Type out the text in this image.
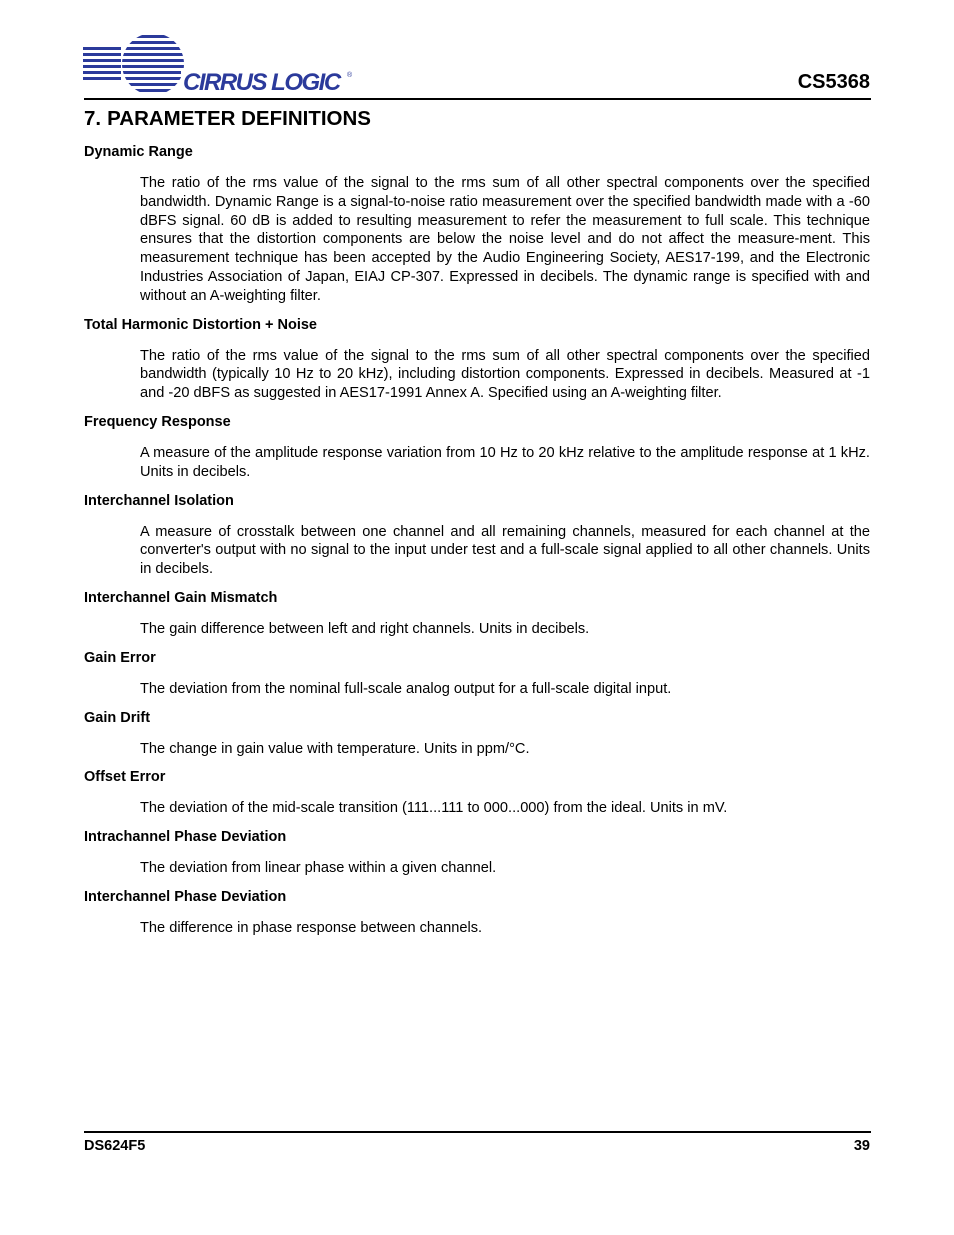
CIRRUS LOGIC	®	CS5368
7. PARAMETER DEFINITIONS

Dynamic Range

The ratio of the rms value of the signal to the rms sum of all other spectral components over the specified bandwidth. Dynamic Range is a signal-to-noise ratio measurement over the specified bandwidth made with a -60 dBFS signal. 60 dB is added to resulting measurement to refer the measurement to full scale. This technique ensures that the distortion components are below the noise level and do not affect the measure-ment. This measurement technique has been accepted by the Audio Engineering Society, AES17-199, and the Electronic Industries Association of Japan, EIAJ CP-307. Expressed in decibels. The dynamic range is specified with and without an A-weighting filter.

Total Harmonic Distortion + Noise

The ratio of the rms value of the signal to the rms sum of all other spectral components over the specified bandwidth (typically 10 Hz to 20 kHz), including distortion components. Expressed in decibels. Measured at -1 and -20 dBFS as suggested in AES17-1991 Annex A. Specified using an A-weighting filter.

Frequency Response

A measure of the amplitude response variation from 10 Hz to 20 kHz relative to the amplitude response at 1 kHz. Units in decibels.

Interchannel Isolation

A measure of crosstalk between one channel and all remaining channels, measured for each channel at the converter's output with no signal to the input under test and a full-scale signal applied to all other channels. Units in decibels.

Interchannel Gain Mismatch

The gain difference between left and right channels. Units in decibels.

Gain Error

The deviation from the nominal full-scale analog output for a full-scale digital input.

Gain Drift

The change in gain value with temperature. Units in ppm/°C.

Offset Error

The deviation of the mid-scale transition (111...111 to 000...000) from the ideal. Units in mV.

Intrachannel Phase Deviation

The deviation from linear phase within a given channel.

Interchannel Phase Deviation

The difference in phase response between channels.

DS624F5	39
